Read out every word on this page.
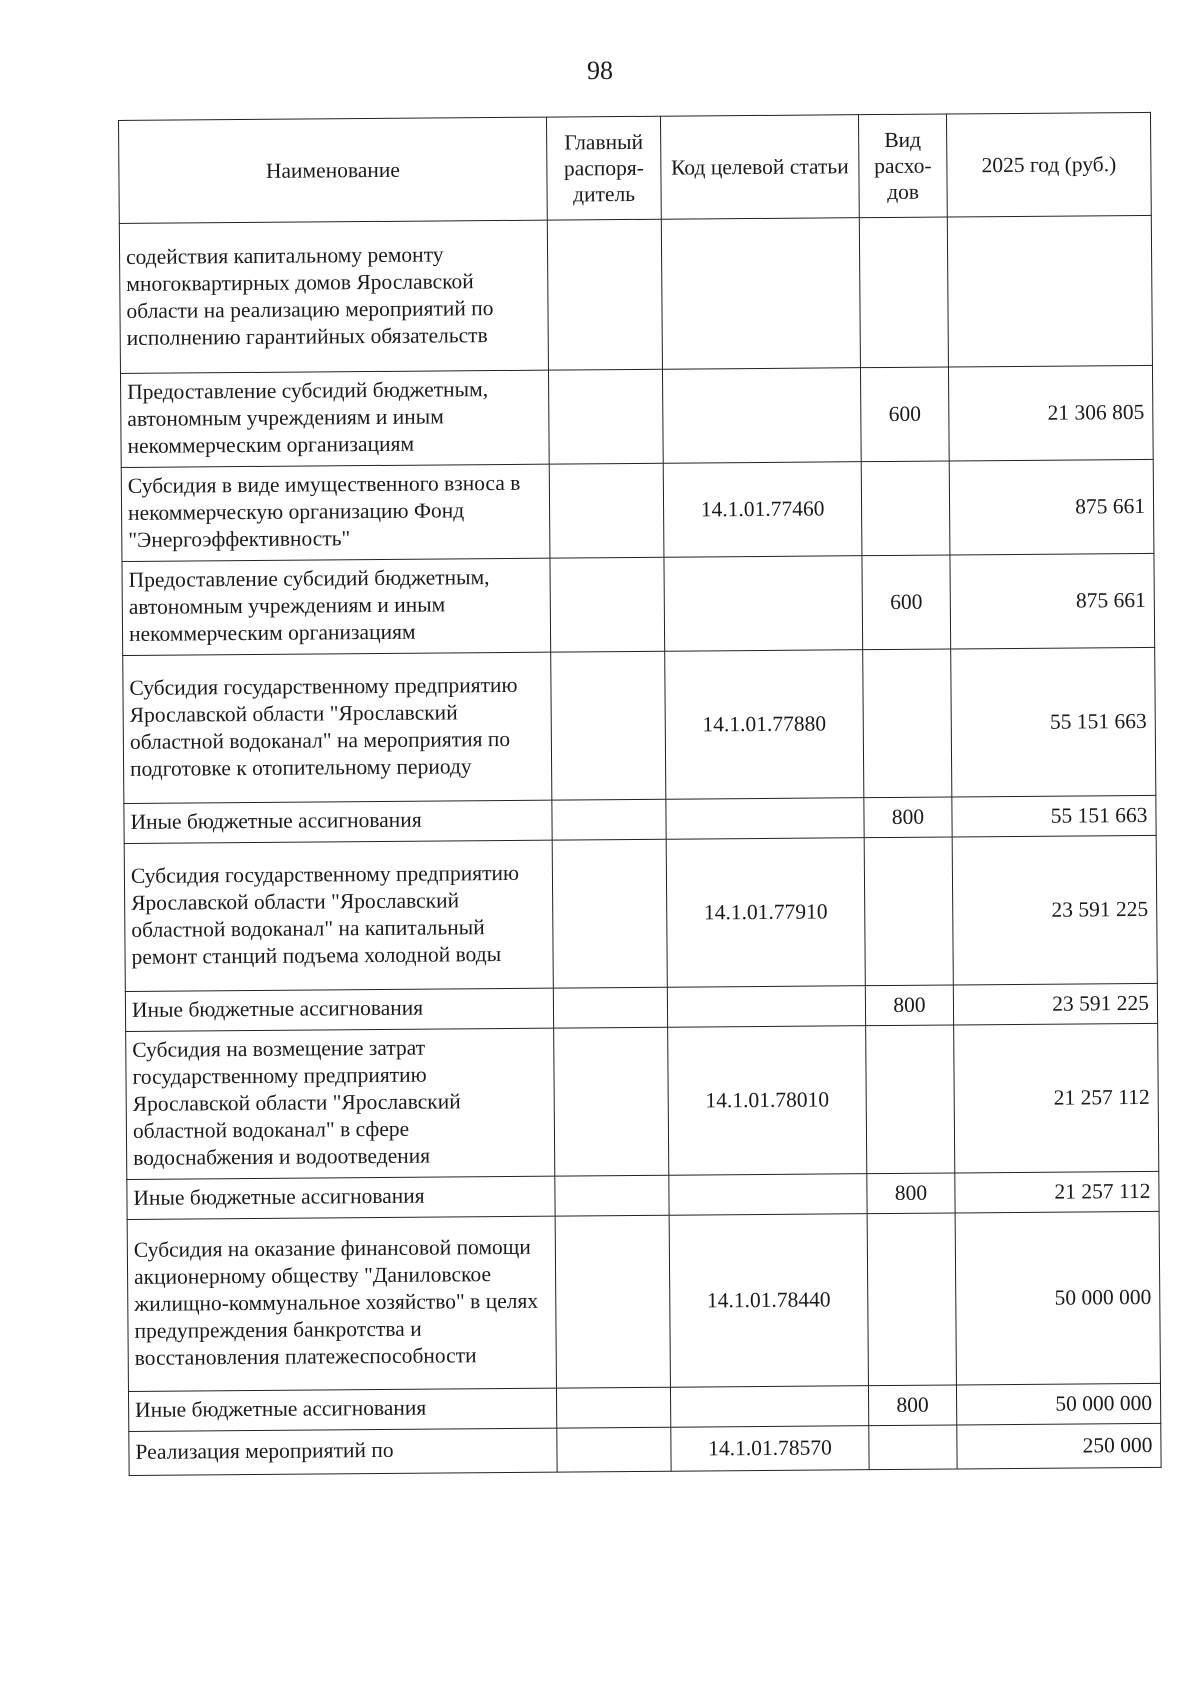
98
Наименование	Главный распоря-дитель	Код целевой статьи	Вид расхо-дов	2025 год (руб.)
содействия капитальному ремонту многоквартирных домов Ярославской области на реализацию мероприятий по исполнению гарантийных обязательств				
Предоставление субсидий бюджетным, автономным учреждениям и иным некоммерческим организациям			600	21 306 805
Субсидия в виде имущественного взноса в некоммерческую организацию Фонд "Энергоэффективность"		14.1.01.77460		875 661
Предоставление субсидий бюджетным, автономным учреждениям и иным некоммерческим организациям			600	875 661
Субсидия государственному предприятию Ярославской области "Ярославский областной водоканал" на мероприятия по подготовке к отопительному периоду		14.1.01.77880		55 151 663
Иные бюджетные ассигнования			800	55 151 663
Субсидия государственному предприятию Ярославской области "Ярославский областной водоканал" на капитальный ремонт станций подъема холодной воды		14.1.01.77910		23 591 225
Иные бюджетные ассигнования			800	23 591 225
Субсидия на возмещение затрат государственному предприятию Ярославской области "Ярославский областной водоканал" в сфере водоснабжения и водоотведения		14.1.01.78010		21 257 112
Иные бюджетные ассигнования			800	21 257 112
Субсидия на оказание финансовой помощи акционерному обществу "Даниловское жилищно-коммунальное хозяйство" в целях предупреждения банкротства и восстановления платежеспособности		14.1.01.78440		50 000 000
Иные бюджетные ассигнования			800	50 000 000
Реализация мероприятий по		14.1.01.78570		250 000
